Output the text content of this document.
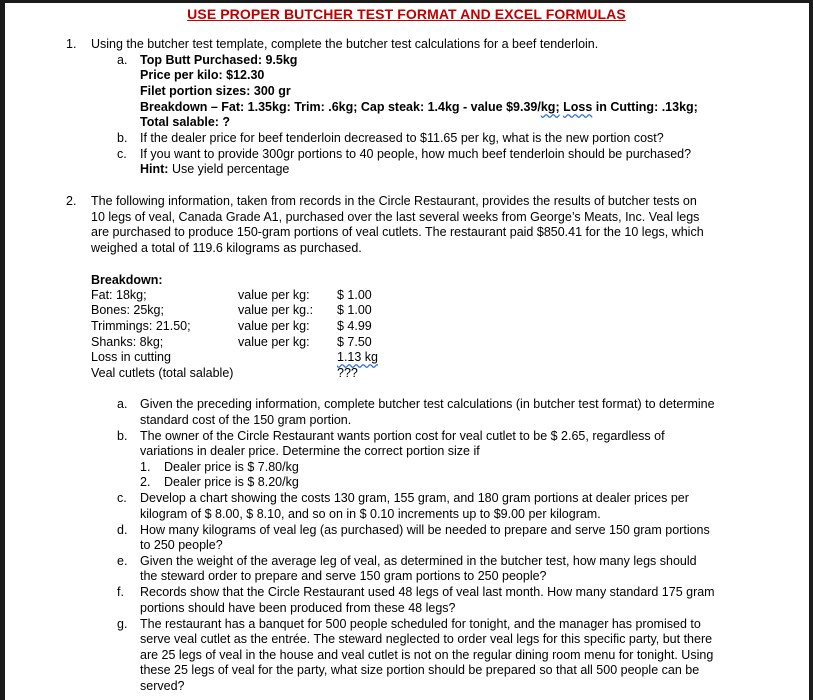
USE PROPER BUTCHER TEST FORMAT AND EXCEL FORMULAS
1. Using the butcher test template, complete the butcher test calculations for a beef tenderloin.
a. Top Butt Purchased: 9.5kg
Price per kilo: $12.30
Filet portion sizes: 300 gr
Breakdown – Fat: 1.35kg: Trim: .6kg; Cap steak: 1.4kg - value $9.39/kg; Loss in Cutting: .13kg;
Total salable: ?
b. If the dealer price for beef tenderloin decreased to $11.65 per kg, what is the new portion cost?
c. If you want to provide 300gr portions to 40 people, how much beef tenderloin should be purchased?
Hint: Use yield percentage
2. The following information, taken from records in the Circle Restaurant, provides the results of butcher tests on
10 legs of veal, Canada Grade A1, purchased over the last several weeks from George’s Meats, Inc. Veal legs
are purchased to produce 150-gram portions of veal cutlets. The restaurant paid $850.41 for the 10 legs, which
weighed a total of 119.6 kilograms as purchased.
Breakdown:
Fat: 18kg;	value per kg: $ 1.00
Bones: 25kg;	value per kg.: $ 1.00
Trimmings: 21.50;	value per kg: $ 4.99
Shanks: 8kg;	value per kg: $ 7.50
Loss in cutting	1.13 kg
Veal cutlets (total salable)	???
a. Given the preceding information, complete butcher test calculations (in butcher test format) to determine
standard cost of the 150 gram portion.
b. The owner of the Circle Restaurant wants portion cost for veal cutlet to be $ 2.65, regardless of
variations in dealer price. Determine the correct portion size if
1. Dealer price is $ 7.80/kg
2. Dealer price is $ 8.20/kg
c. Develop a chart showing the costs 130 gram, 155 gram, and 180 gram portions at dealer prices per
kilogram of $ 8.00, $ 8.10, and so on in $ 0.10 increments up to $9.00 per kilogram.
d. How many kilograms of veal leg (as purchased) will be needed to prepare and serve 150 gram portions
to 250 people?
e. Given the weight of the average leg of veal, as determined in the butcher test, how many legs should
the steward order to prepare and serve 150 gram portions to 250 people?
f. Records show that the Circle Restaurant used 48 legs of veal last month. How many standard 175 gram
portions should have been produced from these 48 legs?
g. The restaurant has a banquet for 500 people scheduled for tonight, and the manager has promised to
serve veal cutlet as the entrée. The steward neglected to order veal legs for this specific party, but there
are 25 legs of veal in the house and veal cutlet is not on the regular dining room menu for tonight. Using
these 25 legs of veal for the party, what size portion should be prepared so that all 500 people can be
served?
